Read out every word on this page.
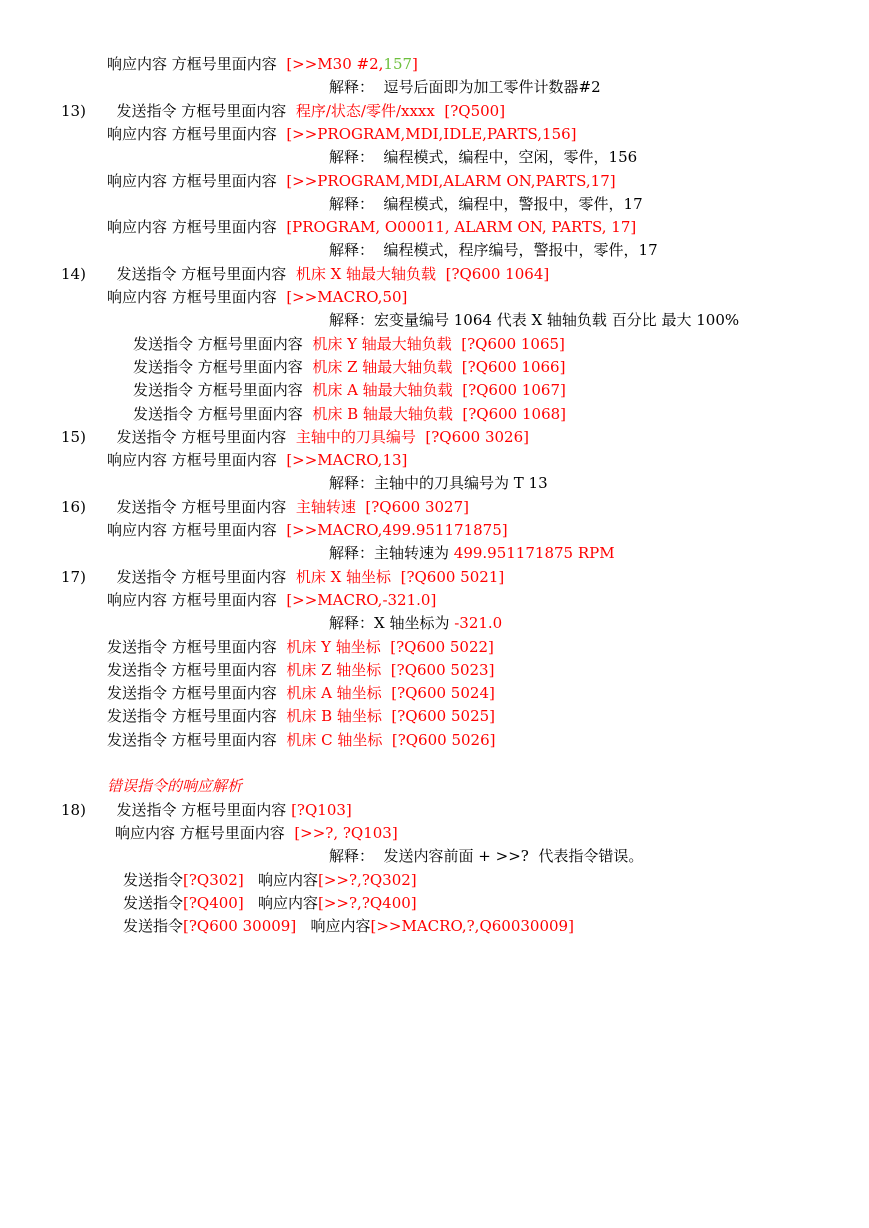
响应内容 方框号里面内容  [>>M30 #2,157]
解释：  逗号后面即为加工零件计数器#2
13) 发送指令 方框号里面内容  程序/状态/零件/xxxx  [?Q500]
响应内容 方框号里面内容  [>>PROGRAM,MDI,IDLE,PARTS,156]
解释：  编程模式，编程中，空闲，零件，156
响应内容 方框号里面内容  [>>PROGRAM,MDI,ALARM ON,PARTS,17]
解释：  编程模式，编程中，警报中，零件，17
响应内容 方框号里面内容  [PROGRAM, O00011, ALARM ON, PARTS, 17]
解释：  编程模式，程序编号，警报中，零件，17
14) 发送指令 方框号里面内容  机床 X 轴最大轴负载  [?Q600 1064]
响应内容 方框号里面内容  [>>MACRO,50]
解释：宏变量编号 1064 代表 X 轴轴负载 百分比 最大 100%
发送指令 方框号里面内容  机床 Y 轴最大轴负载  [?Q600 1065]
发送指令 方框号里面内容  机床 Z 轴最大轴负载  [?Q600 1066]
发送指令 方框号里面内容  机床 A 轴最大轴负载  [?Q600 1067]
发送指令 方框号里面内容  机床 B 轴最大轴负载  [?Q600 1068]
15) 发送指令 方框号里面内容  主轴中的刀具编号  [?Q600 3026]
响应内容 方框号里面内容  [>>MACRO,13]
解释：主轴中的刀具编号为 T 13
16) 发送指令 方框号里面内容  主轴转速  [?Q600 3027]
响应内容 方框号里面内容  [>>MACRO,499.951171875]
解释：主轴转速为 499.951171875 RPM
17) 发送指令 方框号里面内容  机床 X 轴坐标  [?Q600 5021]
响应内容 方框号里面内容  [>>MACRO,-321.0]
解释：X 轴坐标为 -321.0
发送指令 方框号里面内容  机床 Y 轴坐标  [?Q600 5022]
发送指令 方框号里面内容  机床 Z 轴坐标  [?Q600 5023]
发送指令 方框号里面内容  机床 A 轴坐标  [?Q600 5024]
发送指令 方框号里面内容  机床 B 轴坐标  [?Q600 5025]
发送指令 方框号里面内容  机床 C 轴坐标  [?Q600 5026]
错误指令的响应解析
18) 发送指令 方框号里面内容 [?Q103]
响应内容 方框号里面内容  [>>?, ?Q103]
解释：  发送内容前面 + >>?  代表指令错误。
发送指令[?Q302]   响应内容[>>?,?Q302]
发送指令[?Q400]   响应内容[>>?,?Q400]
发送指令[?Q600 30009]   响应内容[>>MACRO,?,Q60030009]
